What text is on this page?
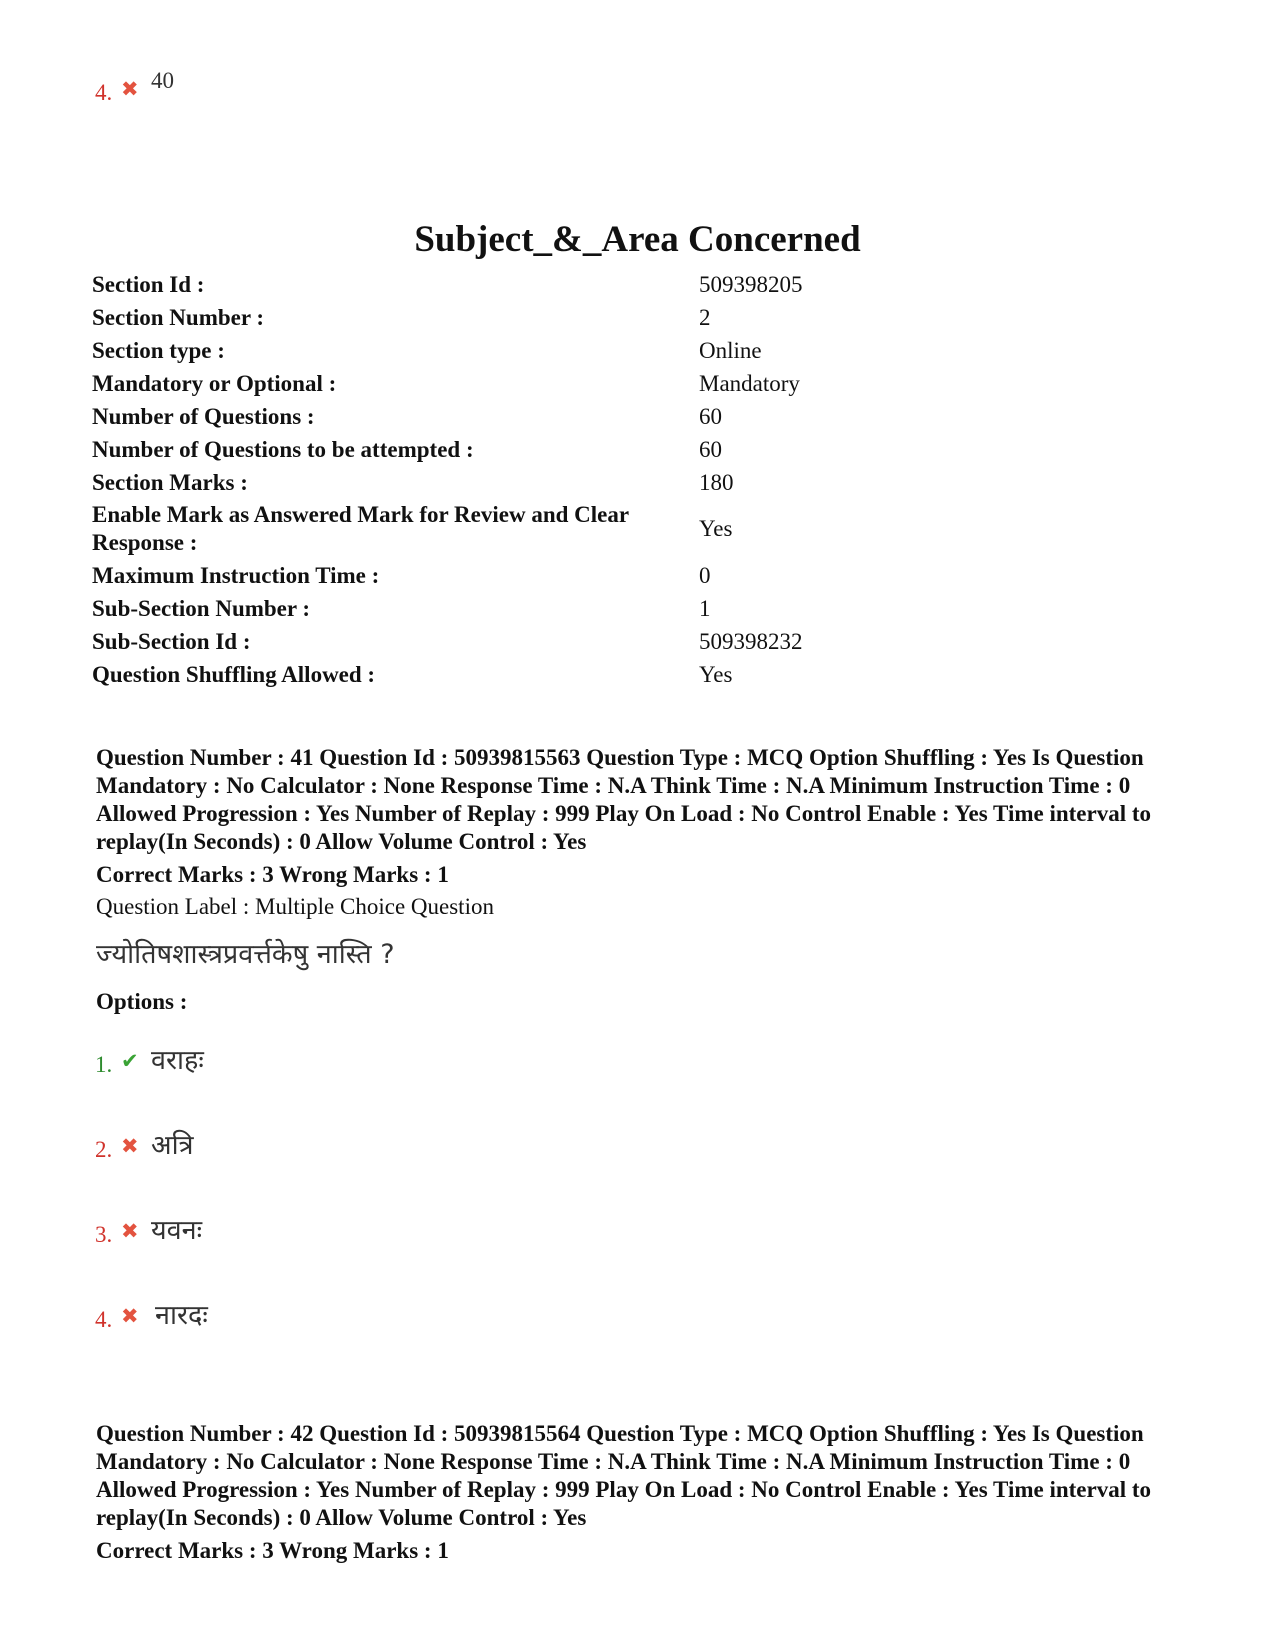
4. ✖ 40
Subject_&_Area Concerned
Section Id :	509398205
Section Number :	2
Section type :	Online
Mandatory or Optional :	Mandatory
Number of Questions :	60
Number of Questions to be attempted :	60
Section Marks :	180
Enable Mark as Answered Mark for Review and Clear Response :
Yes
Maximum Instruction Time :	0
Sub-Section Number :	1
Sub-Section Id :	509398232
Question Shuffling Allowed :	Yes
Question Number : 41 Question Id : 50939815563 Question Type : MCQ Option Shuffling : Yes Is Question Mandatory : No Calculator : None Response Time : N.A Think Time : N.A Minimum Instruction Time : 0 Allowed Progression : Yes Number of Replay : 999 Play On Load : No Control Enable : Yes Time interval to replay(In Seconds) : 0 Allow Volume Control : Yes
Correct Marks : 3 Wrong Marks : 1
Question Label : Multiple Choice Question
ज्योतिषशास्त्रप्रवर्त्तकेषु नास्ति ?
Options :
1. ✔ वराहः
2. ✖ अत्रि
3. ✖ यवनः
4. ✖ नारदः
Question Number : 42 Question Id : 50939815564 Question Type : MCQ Option Shuffling : Yes Is Question Mandatory : No Calculator : None Response Time : N.A Think Time : N.A Minimum Instruction Time : 0 Allowed Progression : Yes Number of Replay : 999 Play On Load : No Control Enable : Yes Time interval to replay(In Seconds) : 0 Allow Volume Control : Yes
Correct Marks : 3 Wrong Marks : 1
